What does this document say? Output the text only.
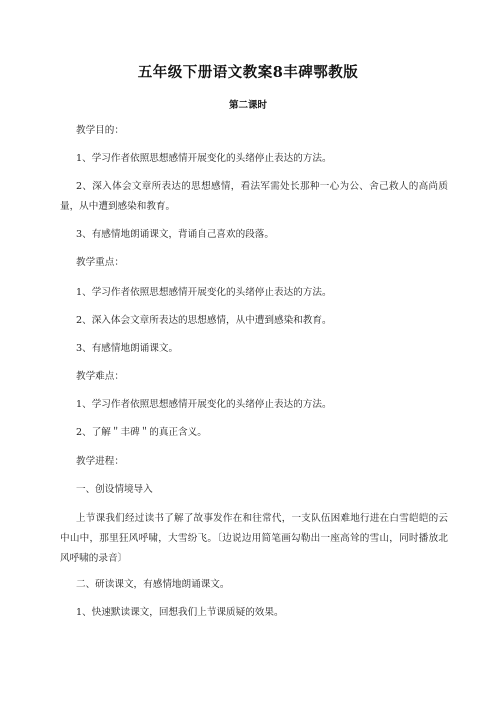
五年级下册语文教案8丰碑鄂教版
第二课时
教学目的：
1、学习作者依照思想感情开展变化的头绪停止表达的方法。
2、深入体会文章所表达的思想感情，看法军需处长那种一心为公、舍己救人的高尚质量，从中遭到感染和教育。
3、有感情地朗诵课文，背诵自己喜欢的段落。
教学重点：
1、学习作者依照思想感情开展变化的头绪停止表达的方法。
2、深入体会文章所表达的思想感情，从中遭到感染和教育。
3、有感情地朗诵课文。
教学难点：
1、学习作者依照思想感情开展变化的头绪停止表达的方法。
2、了解＂丰碑＂的真正含义。
教学进程：
一、创设情境导入
上节课我们经过读书了解了故事发作在和往常代，一支队伍困难地行进在白雪皑皑的云中山中，那里狂风呼啸，大雪纷飞。〔边说边用简笔画勾勒出一座高耸的雪山，同时播放北风呼啸的录音〕
二、研读课文，有感情地朗诵课文。
1、快速默读课文，回想我们上节课质疑的效果。
